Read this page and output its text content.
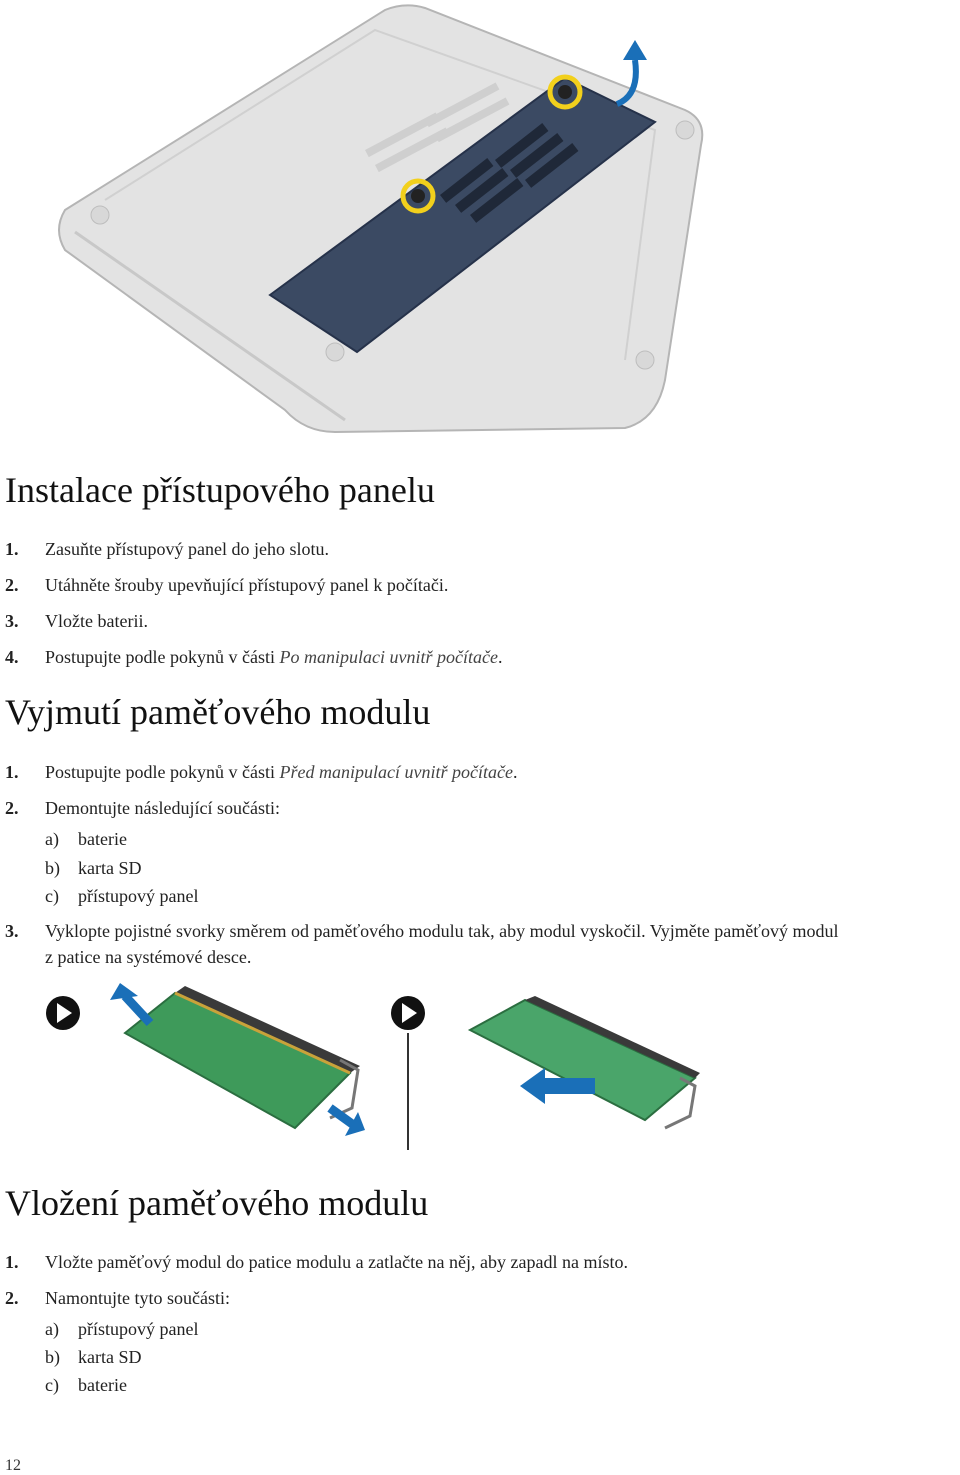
Instalace přístupového panelu
1. Zasuňte přístupový panel do jeho slotu.
2. Utáhněte šrouby upevňující přístupový panel k počítači.
3. Vložte baterii.
4. Postupujte podle pokynů v části Po manipulaci uvnitř počítače.
Vyjmutí paměťového modulu
1. Postupujte podle pokynů v části Před manipulací uvnitř počítače.
2. Demontujte následující součásti:
a) baterie
b) karta SD
c) přístupový panel
3. Vyklopte pojistné svorky směrem od paměťového modulu tak, aby modul vyskočil. Vyjměte paměťový modul
z patice na systémové desce.
Vložení paměťového modulu
1. Vložte paměťový modul do patice modulu a zatlačte na něj, aby zapadl na místo.
2. Namontujte tyto součásti:
a) přístupový panel
b) karta SD
c) baterie
12
